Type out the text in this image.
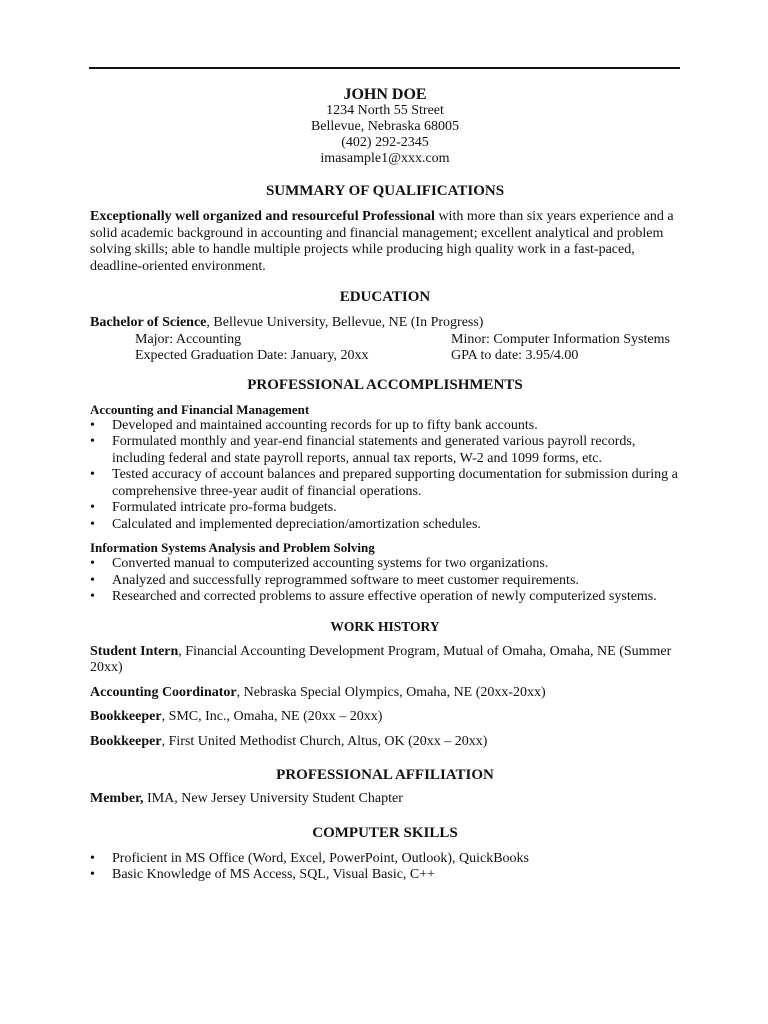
JOHN DOE
1234 North 55 Street
Bellevue, Nebraska 68005
(402) 292-2345
imasample1@xxx.com
SUMMARY OF QUALIFICATIONS

Exceptionally well organized and resourceful Professional with more than six years experience and a solid academic background in accounting and financial management; excellent analytical and problem solving skills; able to handle multiple projects while producing high quality work in a fast-paced, deadline-oriented environment.

EDUCATION

Bachelor of Science, Bellevue University, Bellevue, NE (In Progress)

Major: Accounting	Minor: Computer Information Systems
Expected Graduation Date: January, 20xx	GPA to date: 3.95/4.00
PROFESSIONAL ACCOMPLISHMENTS
Accounting and Financial Management
• Developed and maintained accounting records for up to fifty bank accounts.
• Formulated monthly and year-end financial statements and generated various payroll records, including federal and state payroll reports, annual tax reports, W-2 and 1099 forms, etc.
• Tested accuracy of account balances and prepared supporting documentation for submission during a comprehensive three-year audit of financial operations.
• Formulated intricate pro-forma budgets.
• Calculated and implemented depreciation/amortization schedules.
Information Systems Analysis and Problem Solving
• Converted manual to computerized accounting systems for two organizations.
• Analyzed and successfully reprogrammed software to meet customer requirements.
• Researched and corrected problems to assure effective operation of newly computerized systems.
WORK HISTORY

Student Intern, Financial Accounting Development Program, Mutual of Omaha, Omaha, NE (Summer 20xx)

Accounting Coordinator, Nebraska Special Olympics, Omaha, NE (20xx-20xx)

Bookkeeper, SMC, Inc., Omaha, NE (20xx – 20xx)

Bookkeeper, First United Methodist Church, Altus, OK (20xx – 20xx)

PROFESSIONAL AFFILIATION

Member, IMA, New Jersey University Student Chapter

COMPUTER SKILLS
• Proficient in MS Office (Word, Excel, PowerPoint, Outlook), QuickBooks
• Basic Knowledge of MS Access, SQL, Visual Basic, C++
